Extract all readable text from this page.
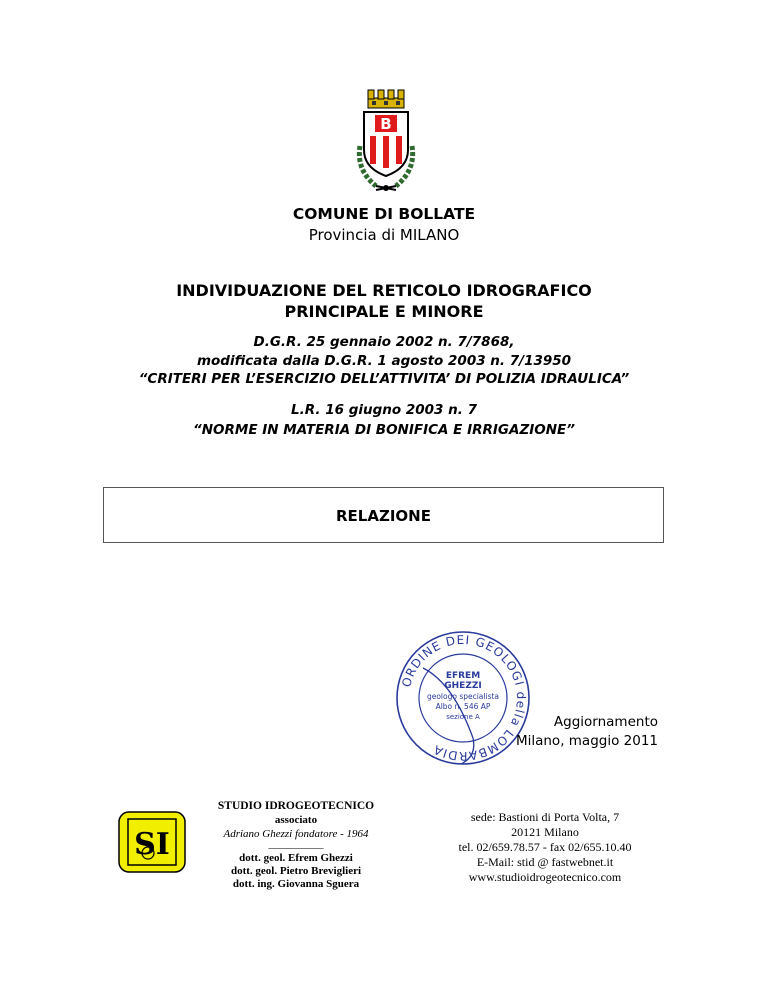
B
COMUNE DI BOLLATE
Provincia di MILANO
INDIVIDUAZIONE DEL RETICOLO IDROGRAFICO
PRINCIPALE E MINORE
D.G.R. 25 gennaio 2002 n. 7/7868,
modificata dalla D.G.R. 1 agosto 2003 n. 7/13950
“CRITERI PER L’ESERCIZIO DELL’ATTIVITA’ DI POLIZIA IDRAULICA”
L.R. 16 giugno 2003 n. 7
“NORME IN MATERIA DI BONIFICA E IRRIGAZIONE”
RELAZIONE
ORDINE DEI GEOLOGI della LOMBARDIA
EFREM
GHEZZI
geologo specialista
Albo n. 546 AP
sezione A	Aggiornamento
Milano, maggio 2011
SI
STUDIO IDROGEOTECNICO
associato
Adriano Ghezzi fondatore - 1964
__________
dott. geol. Efrem Ghezzi
dott. geol. Pietro Breviglieri
dott. ing. Giovanna Sguera
sede: Bastioni di Porta Volta, 7
20121 Milano
tel. 02/659.78.57 - fax 02/655.10.40
E-Mail: stid @ fastwebnet.it
www.studioidrogeotecnico.com
